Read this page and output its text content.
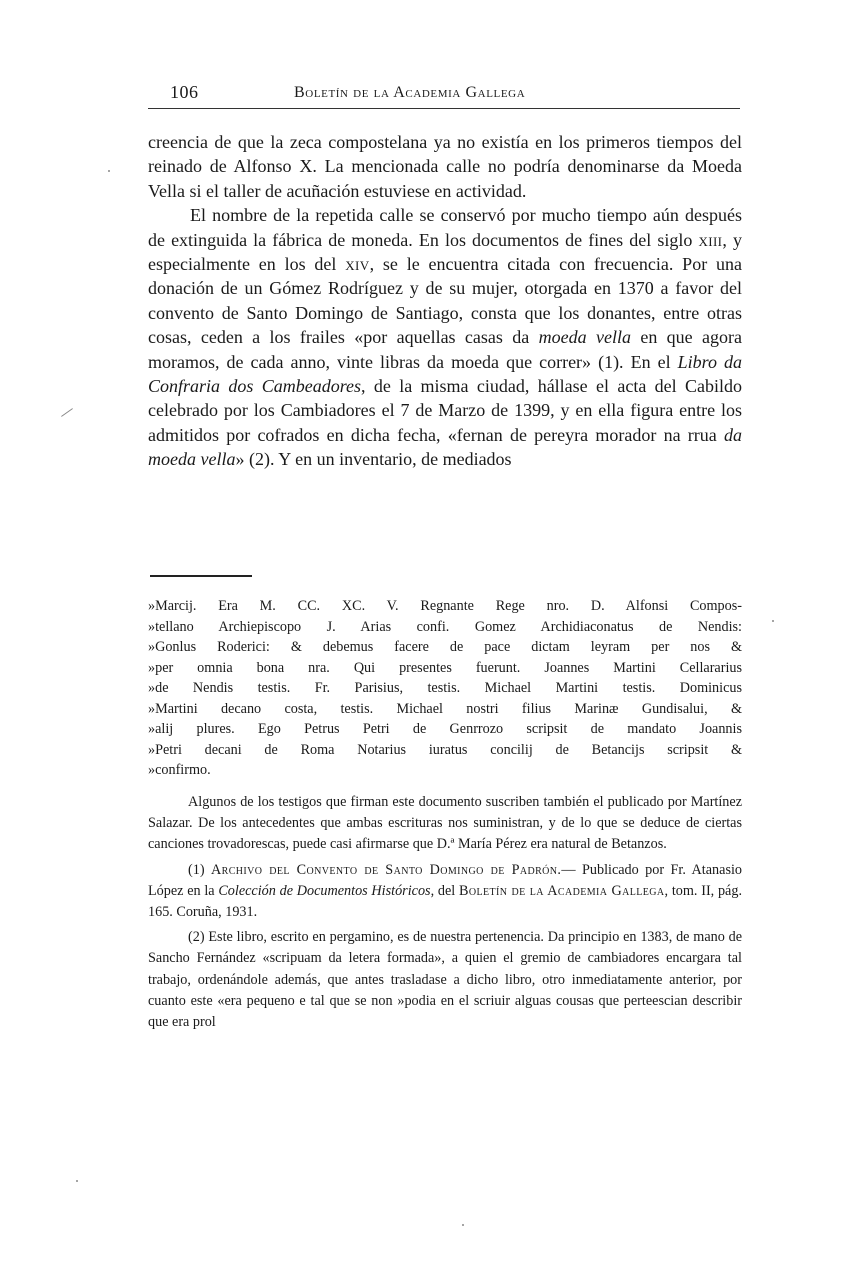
106	Boletín de la Academia Gallega

creencia de que la zeca compostelana ya no existía en los primeros tiempos del reinado de Alfonso X. La mencionada calle no podría denominarse da Moeda Vella si el taller de acuñación estuviese en actividad.

El nombre de la repetida calle se conservó por mucho tiempo aún después de extinguida la fábrica de moneda. En los documentos de fines del siglo xiii, y especialmente en los del xiv, se le encuentra citada con frecuencia. Por una donación de un Gómez Rodríguez y de su mujer, otorgada en 1370 a favor del convento de Santo Domingo de Santiago, consta que los donantes, entre otras cosas, ceden a los frailes «por aquellas casas da moeda vella en que agora moramos, de cada anno, vinte libras da moeda que correr» (1). En el Libro da Confraria dos Cambeadores, de la misma ciudad, hállase el acta del Cabildo celebrado por los Cambiadores el 7 de Marzo de 1399, y en ella figura entre los admitidos por cofrados en dicha fecha, «fernan de pereyra morador na rrua da moeda vella» (2). Y en un inventario, de mediados

»Marcij. Era M. CC. XC. V. Regnante Rege nro. D. Alfonsi Compos-
»tellano Archiepiscopo J. Arias confi. Gomez Archidiaconatus de Nendis:
»Gonlus Roderici: & debemus facere de pace dictam leyram per nos &
»per omnia bona nra. Qui presentes fuerunt. Joannes Martini Cellararius
»de Nendis testis. Fr. Parisius, testis. Michael Martini testis. Dominicus
»Martini decano costa, testis. Michael nostri filius Marinæ Gundisalui, &
»alij plures. Ego Petrus Petri de Genrrozo scripsit de mandato Joannis
»Petri decani de Roma Notarius iuratus concilij de Betancijs scripsit &
»confirmo.

Algunos de los testigos que firman este documento suscriben también el publicado por Martínez Salazar. De los antecedentes que ambas escrituras nos suministran, y de lo que se deduce de ciertas canciones trovadorescas, puede casi afirmarse que D.ª María Pérez era natural de Betanzos.

(1) Archivo del Convento de Santo Domingo de Padrón.— Publicado por Fr. Atanasio López en la Colección de Documentos Históricos, del Boletín de la Academia Gallega, tom. II, pág. 165. Coruña, 1931.

(2) Este libro, escrito en pergamino, es de nuestra pertenencia. Da principio en 1383, de mano de Sancho Fernández «scripuam da letera formada», a quien el gremio de cambiadores encargara tal trabajo, ordenándole además, que antes trasladase a dicho libro, otro inmediatamente anterior, por cuanto este «era pequeno e tal que se non »podia en el scriuir alguas cousas que perteescian describir que era prol
